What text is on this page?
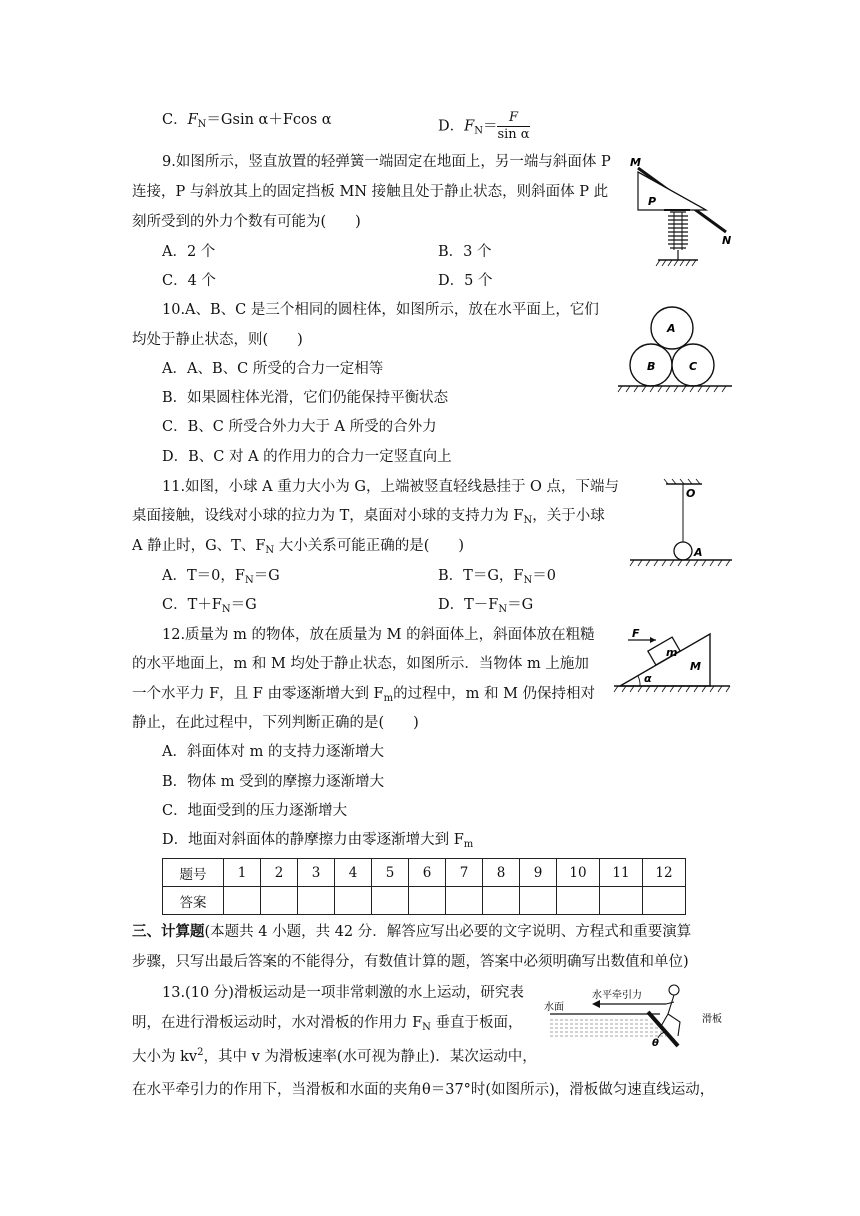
C．$F_N=Gsin$ α＋Fcos α	D．$F_N= \frac{F}{\text{sin α}}$
9.如图所示，竖直放置的轻弹簧一端固定在地面上，另一端与斜面体 P
连接，P 与斜放其上的固定挡板 MN 接触且处于静止状态，则斜面体 P 此
刻所受到的外力个数有可能为(　　)
A．2 个	B．3 个
C．4 个	D．5 个
M
P
N
10.A、B、C 是三个相同的圆柱体，如图所示，放在水平面上，它们
均处于静止状态，则(　　)
A．A、B、C 所受的合力一定相等
B．如果圆柱体光滑，它们仍能保持平衡状态
C．B、C 所受合外力大于 A 所受的合外力
D．B、C 对 A 的作用力的合力一定竖直向上
A
B	C
11.如图，小球 A 重力大小为 G，上端被竖直轻线悬挂于 O 点，下端与
桌面接触，设线对小球的拉力为 T，桌面对小球的支持力为 $F_N$，关于小球
A 静止时，G、T、$F_N$ 大小关系可能正确的是(　　)
A．T＝0，$F_N=G$	B．T＝G，$F_N=0$
C．$T+F_N=G$	D．$T-F_N=G$
O
A
12.质量为 m 的物体，放在质量为 M 的斜面体上，斜面体放在粗糙
的水平地面上，m 和 M 均处于静止状态，如图所示．当物体 m 上施加
一个水平力 F，且 F 由零逐渐增大到 $F_m$的过程中，m 和 M 仍保持相对
静止，在此过程中，下列判断正确的是(　　)
A．斜面体对 m 的支持力逐渐增大
B．物体 m 受到的摩擦力逐渐增大
C．地面受到的压力逐渐增大
D．地面对斜面体的静摩擦力由零逐渐增大到 $F_m$
F
m
M
α
题号	1	2	3	4	5	6	7	8	9	10	11	12
答案												
三、计算题(本题共 4 小题，共 42 分．解答应写出必要的文字说明、方程式和重要演算
步骤，只写出最后答案的不能得分，有数值计算的题，答案中必须明确写出数值和单位)
13.(10 分)滑板运动是一项非常刺激的水上运动，研究表
明，在进行滑板运动时，水对滑板的作用力 $F_N$ 垂直于板面，
大小为 $kv^2$，其中 v 为滑板速率(水可视为静止)．某次运动中，
在水平牵引力的作用下，当滑板和水面的夹角θ＝37°时(如图所示)，滑板做匀速直线运动，
水平牵引力
水面
滑板
θ
